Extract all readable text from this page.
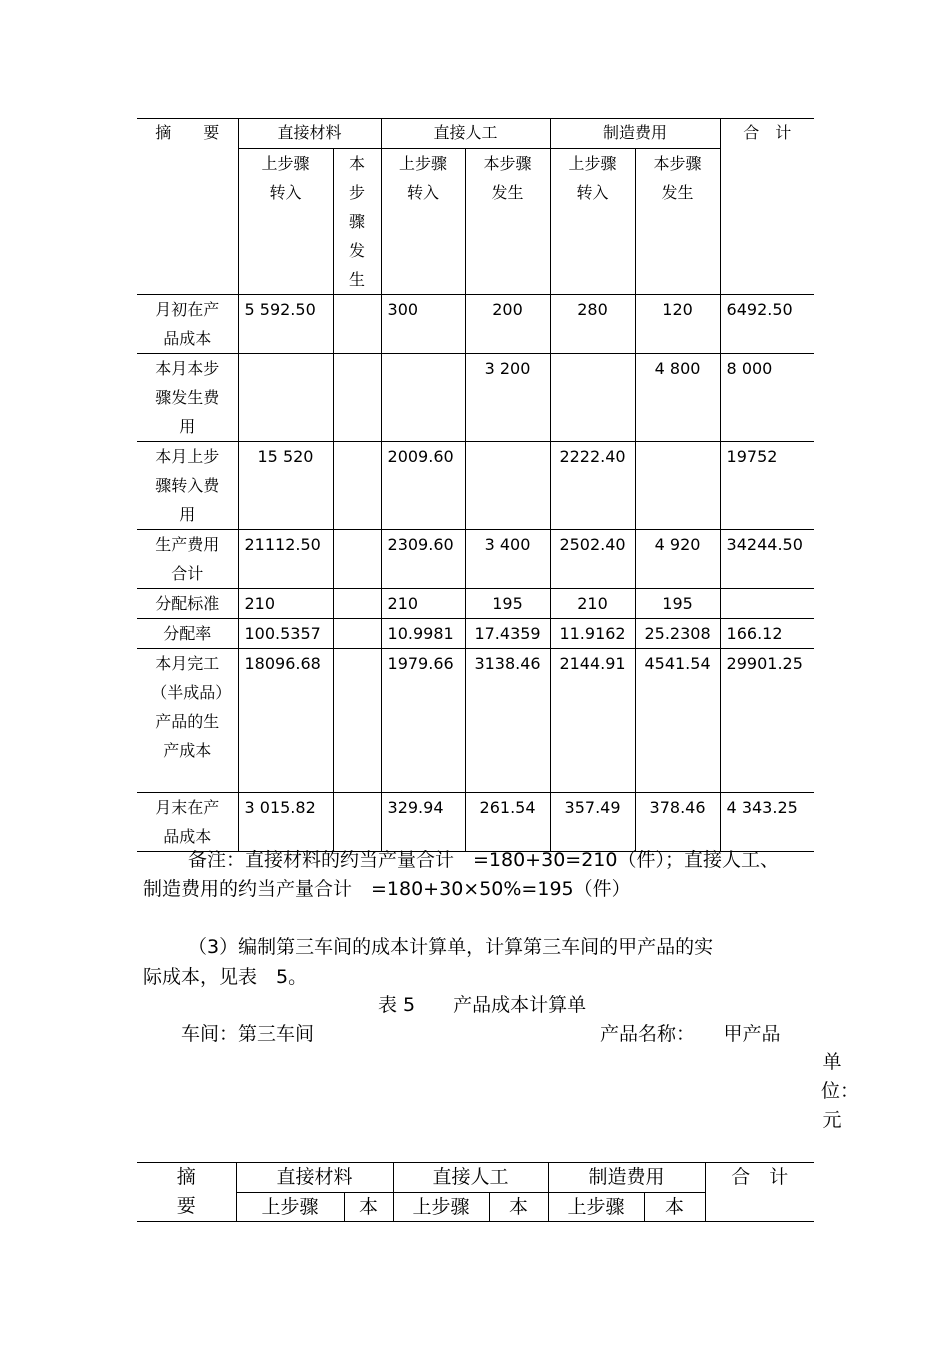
摘　　要	直接材料		直接人工		制造费用		合　计

	上步骤转入	本步骤发生	上步骤转入	本步骤发生	上步骤转入	本步骤发生	

月初在产品成本	5 592.50		300	200	280	120	6492.50

本月本步骤发生费用				3 200		4 800	8 000

本月上步骤转入费用	15 520		2009.60		2222.40		19752

生产费用合计	21112.50		2309.60	3 400	2502.40	4 920	34244.50

分配标准	210		210	195	210	195	

分配率	100.5357		10.9981	17.4359	11.9162	25.2308	166.12

本月完工（半成品）产品的生产成本	18096.68		1979.66	3138.46	2144.91	4541.54	29901.25

月末在产品成本	3 015.82		329.94	261.54	357.49	378.46	4 343.25

备注：直接材料的约当产量合计　=180+30=210（件）；直接人工、

制造费用的约当产量合计　=180+30×50%=195（件）

（3）编制第三车间的成本计算单，计算第三车间的甲产品的实

际成本，见表　5。

表 5　　产品成本计算单

车间：第三车间	产品名称：　　甲产品

单位：元

摘要	直接材料		直接人工		制造费用		合　计
	上步骤	本	上步骤	本	上步骤	本	
